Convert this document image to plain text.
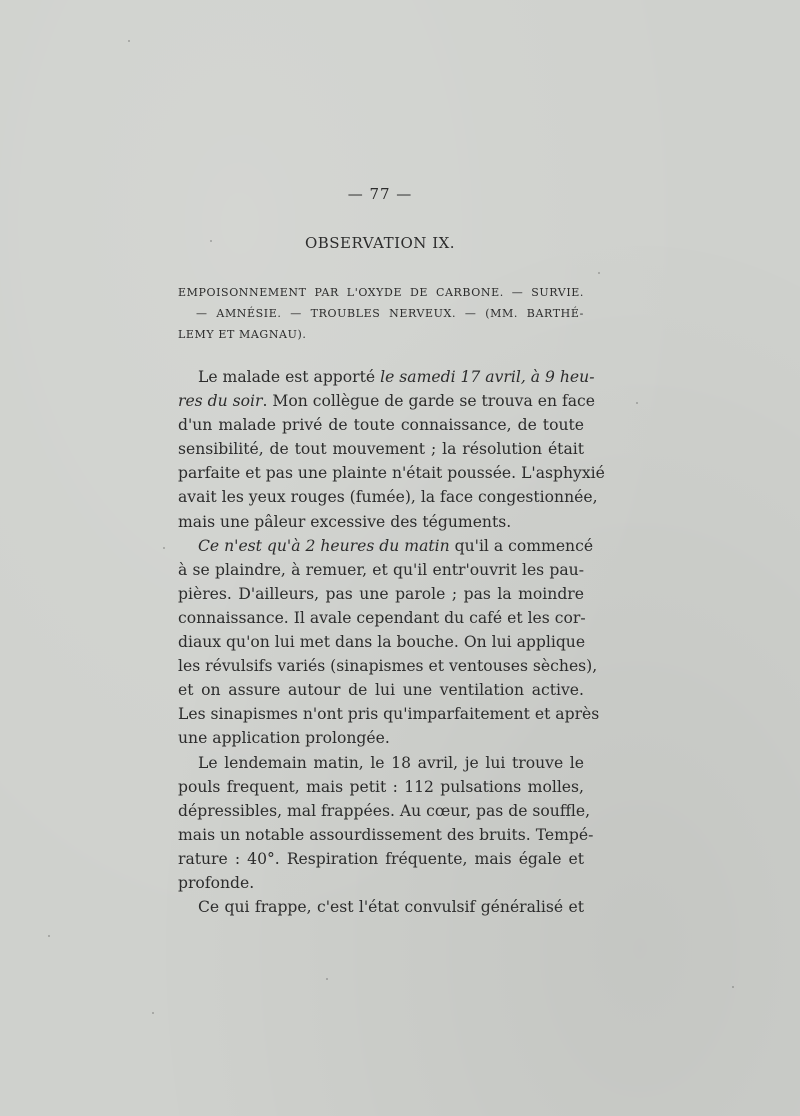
— 77 —
OBSERVATION IX.
EMPOISONNEMENT PAR L'OXYDE DE CARBONE. — SURVIE.
— AMNÉSIE. — TROUBLES NERVEUX. — (MM. BARTHÉ-
LEMY ET MAGNAU).
Le malade est apporté le samedi 17 avril, à 9 heu-
res du soir. Mon collègue de garde se trouva en face
d'un malade privé de toute connaissance, de toute
sensibilité, de tout mouvement ; la résolution était
parfaite et pas une plainte n'était poussée. L'asphyxié
avait les yeux rouges (fumée), la face congestionnée,
mais une pâleur excessive des téguments.
Ce n'est qu'à 2 heures du matin qu'il a commencé
à se plaindre, à remuer, et qu'il entr'ouvrit les pau-
pières. D'ailleurs, pas une parole ; pas la moindre
connaissance. Il avale cependant du café et les cor-
diaux qu'on lui met dans la bouche. On lui applique
les révulsifs variés (sinapismes et ventouses sèches),
et on assure autour de lui une ventilation active.
Les sinapismes n'ont pris qu'imparfaitement et après
une application prolongée.
Le lendemain matin, le 18 avril, je lui trouve le
pouls frequent, mais petit : 112 pulsations molles,
dépressibles, mal frappées. Au cœur, pas de souffle,
mais un notable assourdissement des bruits. Tempé-
rature : 40°. Respiration fréquente, mais égale et
profonde.
Ce qui frappe, c'est l'état convulsif généralisé et
